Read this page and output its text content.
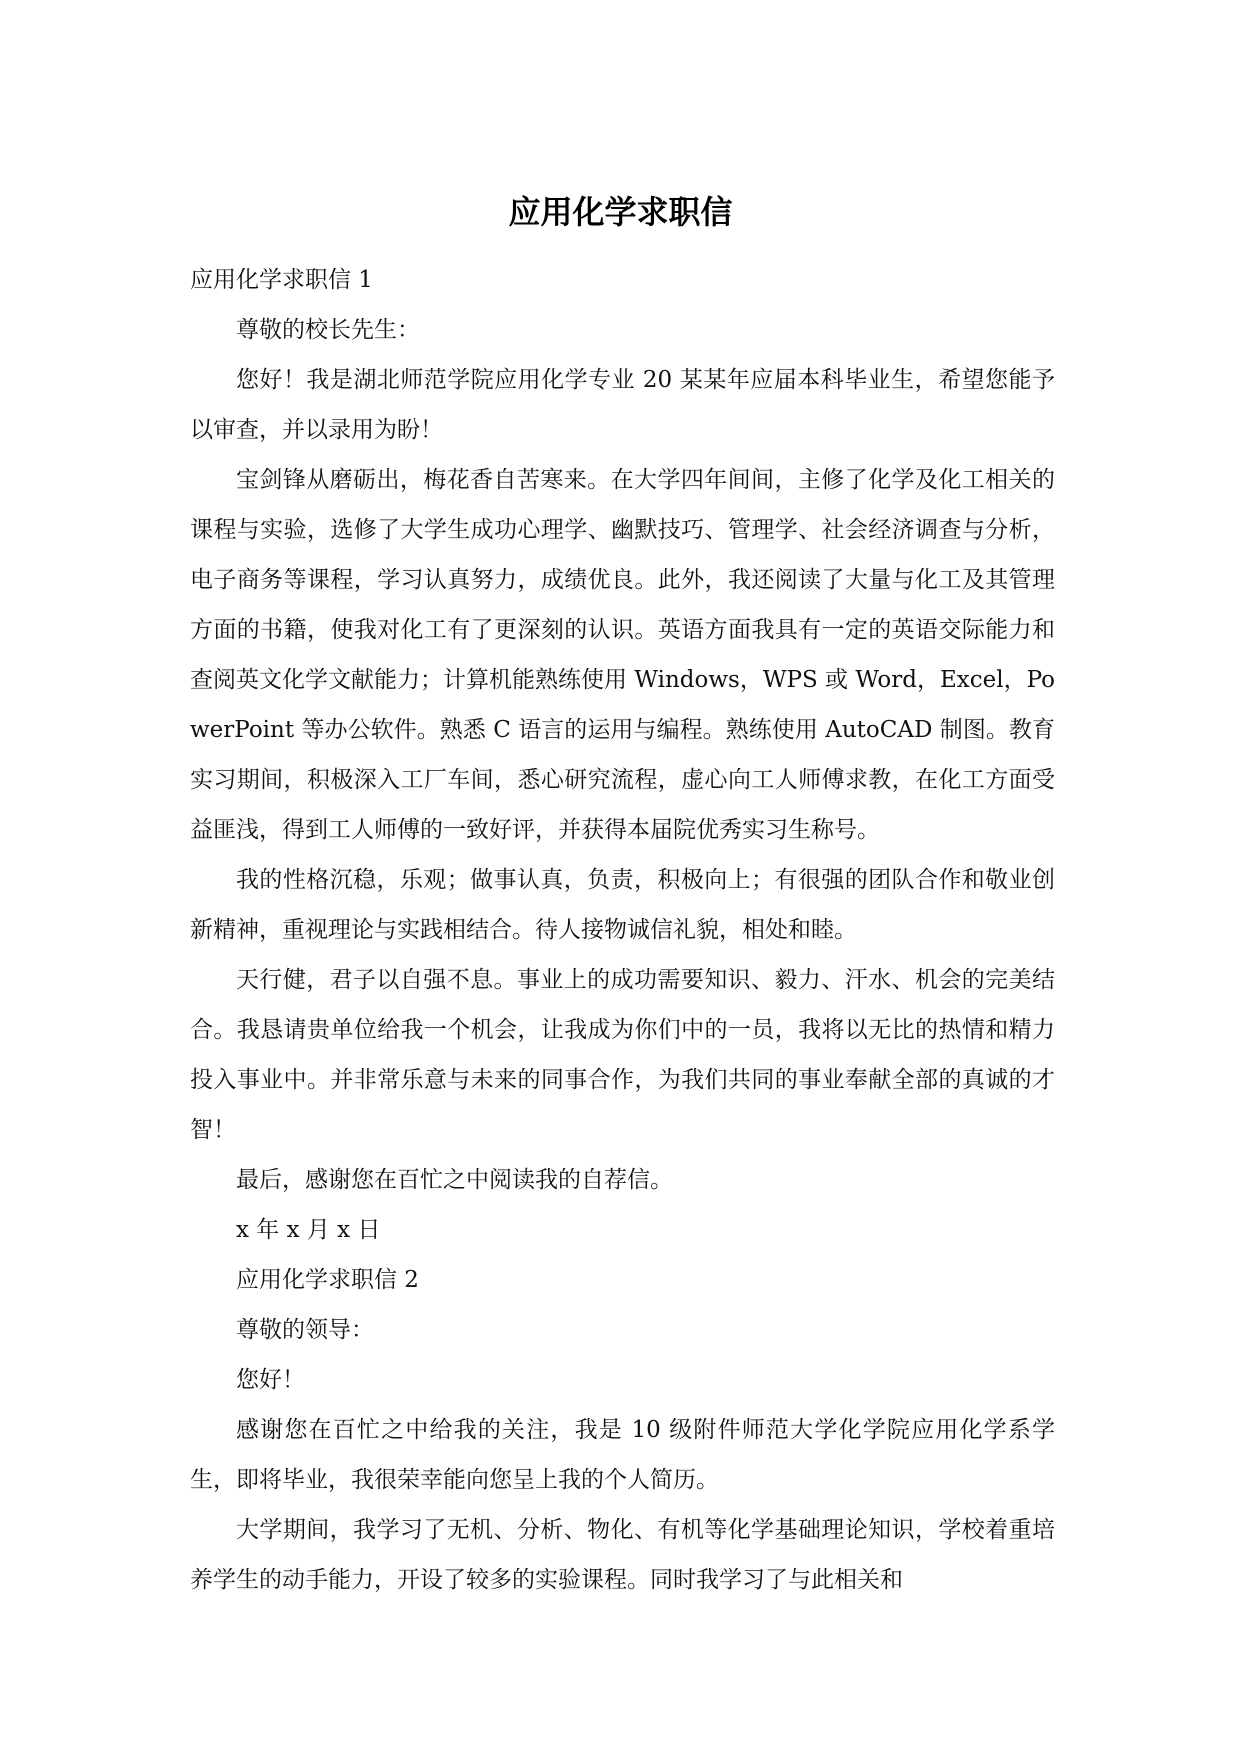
应用化学求职信

应用化学求职信 1

尊敬的校长先生：

您好！我是湖北师范学院应用化学专业 20 某某年应届本科毕业生，希望您能予以审查，并以录用为盼！

宝剑锋从磨砺出，梅花香自苦寒来。在大学四年间间，主修了化学及化工相关的课程与实验，选修了大学生成功心理学、幽默技巧、管理学、社会经济调查与分析，电子商务等课程，学习认真努力，成绩优良。此外，我还阅读了大量与化工及其管理方面的书籍，使我对化工有了更深刻的认识。英语方面我具有一定的英语交际能力和查阅英文化学文献能力；计算机能熟练使用 Windows，WPS 或 Word，Excel，PowerPoint 等办公软件。熟悉 C 语言的运用与编程。熟练使用 AutoCAD 制图。教育实习期间，积极深入工厂车间，悉心研究流程，虚心向工人师傅求教，在化工方面受益匪浅，得到工人师傅的一致好评，并获得本届院优秀实习生称号。

我的性格沉稳，乐观；做事认真，负责，积极向上；有很强的团队合作和敬业创新精神，重视理论与实践相结合。待人接物诚信礼貌，相处和睦。

天行健，君子以自强不息。事业上的成功需要知识、毅力、汗水、机会的完美结合。我恳请贵单位给我一个机会，让我成为你们中的一员，我将以无比的热情和精力投入事业中。并非常乐意与未来的同事合作，为我们共同的事业奉献全部的真诚的才智！

最后，感谢您在百忙之中阅读我的自荐信。

x 年 x 月 x 日

应用化学求职信 2

尊敬的领导：

您好！

感谢您在百忙之中给我的关注，我是 10 级附件师范大学化学院应用化学系学生，即将毕业，我很荣幸能向您呈上我的个人简历。

大学期间，我学习了无机、分析、物化、有机等化学基础理论知识，学校着重培养学生的动手能力，开设了较多的实验课程。同时我学习了与此相关和
